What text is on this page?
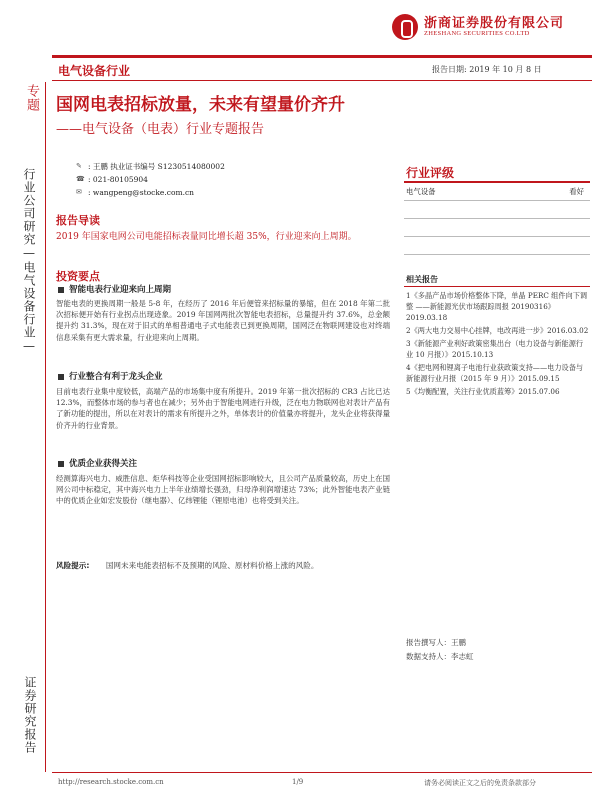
浙商证券股份有限公司
ZHESHANG SECURITIES CO.LTD
电气设备行业	报告日期: 2019 年 10 月 8 日
专题
行业公司研究—电气设备行业—
证券研究报告
国网电表招标放量，未来有望量价齐升
——电气设备（电表）行业专题报告
✎ : 王鹏 执业证书编号 S1230514080002
☎ : 021-80105904
✉ : wangpeng@stocke.com.cn
报告导读
2019 年国家电网公司电能招标表量同比增长超 35%，行业迎来向上周期。
投资要点
智能电表行业迎来向上周期
智能电表的更换周期一般是 5-8 年，在经历了 2016 年后便管来招标量的暴缩，但在 2018 年第二批次招标便开始有行业拐点出现迹象。2019 年国网两批次智能电表招标，总量提升约 37.6%，总金额提升约 31.3%，现在对于旧式的单相普通电子式电能表已到更换周期，国网泛在物联网建设也对终端信息采集有更大需求量，行业迎来向上周期。
行业整合有利于龙头企业
目前电表行业集中度较低，高端产品的市场集中度有所提升。2019 年第一批次招标的 CR3 占比已达 12.3%，而整体市场的参与者也在减少；另外由于智能电网进行升级，泛在电力物联网也对表计产品有了新功能的提出，所以在对表计的需求有所提升之外，单体表计的价值量亦将提升，龙头企业将获得量价齐升的行业背景。
优质企业获得关注
经测算海兴电力、威胜信息、炬华科技等企业受国网招标影响较大，且公司产品质量较高，历史上在国网公司中标稳定，其中海兴电力上半年业绩增长强劲，归母净利润增速达 73%；此外智能电表产业链中的优质企业如宏发股份（继电器）、亿纬锂能（锂原电池）也将受到关注。
风险提示: 国网未来电能表招标不及预期的风险、原材料价格上涨的风险。
行业评级
电气设备	看好
相关报告
1《多晶产品市场价格整体下降，单晶 PERC 组件向下调整 ——新能源光伏市场跟踪周报 20190316》2019.03.18
2《两大电力交易中心挂牌，电改再进一步》2016.03.02
3《新能源产业利好政策密集出台（电力设备与新能源行业 10 月报）》2015.10.13
4《把电网和锂离子电池行业获政策支持——电力设备与新能源行业月报（2015 年 9 月）》2015.09.15
5《均衡配置，关注行业优质蓝筹》2015.07.06
报告撰写人：王鹏
数据支持人：李志虹
http://research.stocke.com.cn	1/9	请务必阅读正文之后的免责条款部分
